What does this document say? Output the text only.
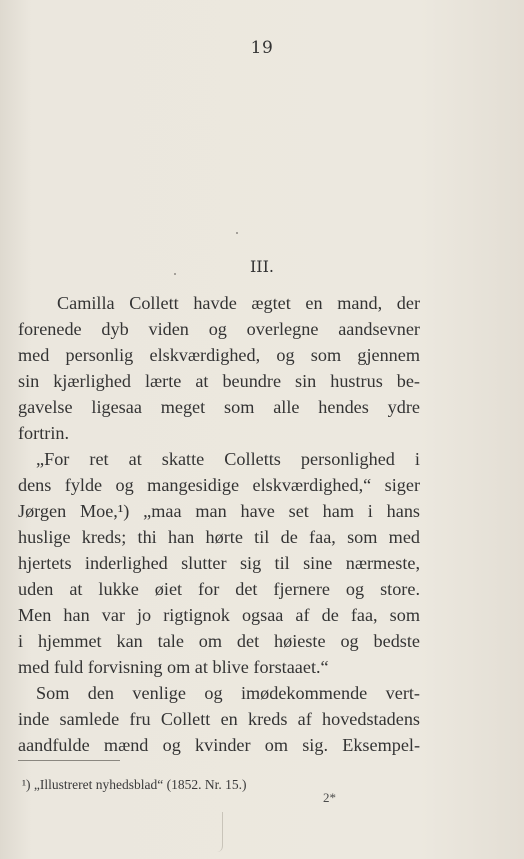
19
III.
Camilla Collett havde ægtet en mand, der
forenede dyb viden og overlegne aandsevner
med personlig elskværdighed, og som gjennem
sin kjærlighed lærte at beundre sin hustrus be-
gavelse ligesaa meget som alle hendes ydre
fortrin.
„For ret at skatte Colletts personlighed i
dens fylde og mangesidige elskværdighed,“ siger
Jørgen Moe,¹) „maa man have set ham i hans
huslige kreds; thi han hørte til de faa, som med
hjertets inderlighed slutter sig til sine nærmeste,
uden at lukke øiet for det fjernere og store.
Men han var jo rigtignok ogsaa af de faa, som
i hjemmet kan tale om det høieste og bedste
med fuld forvisning om at blive forstaaet.“
Som den venlige og imødekommende vert-
inde samlede fru Collett en kreds af hovedstadens
aandfulde mænd og kvinder om sig. Eksempel-
¹) „Illustreret nyhedsblad“ (1852. Nr. 15.)
2*
